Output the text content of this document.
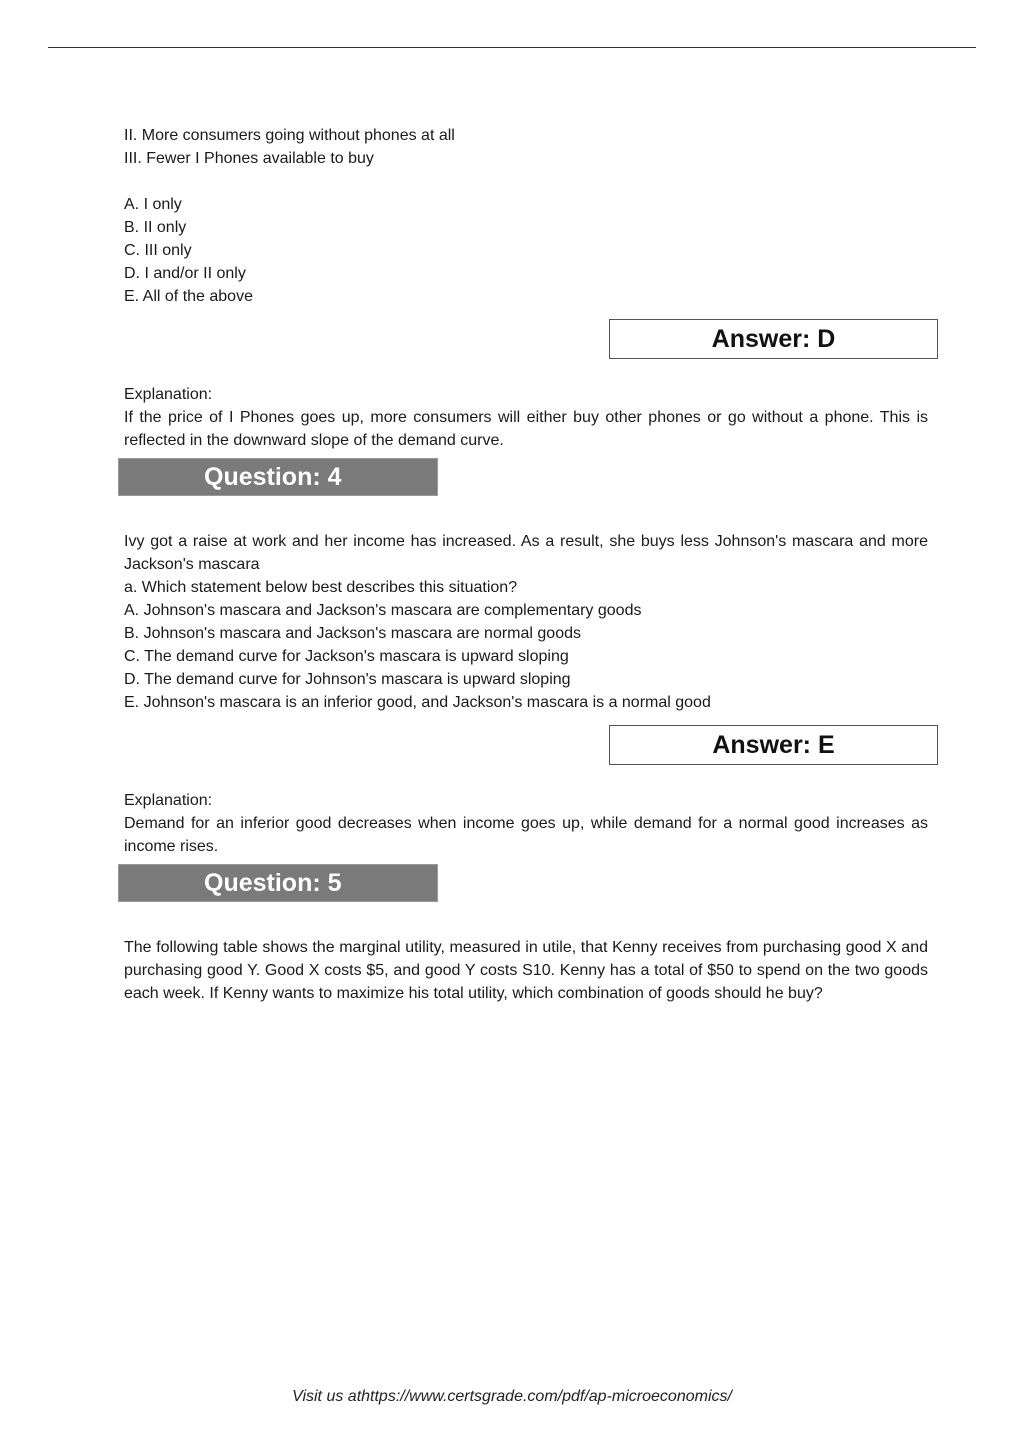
II. More consumers going without phones at all

III. Fewer I Phones available to buy

A. I only

B. II only

C. III only

D. I and/or II only

E. All of the above

Answer: D

Explanation:

If the price of I Phones goes up, more consumers will either buy other phones or go without a phone. This is reflected in the downward slope of the demand curve.

Question: 4

Ivy got a raise at work and her income has increased. As a result, she buys less Johnson's mascara and more Jackson's mascara

a. Which statement below best describes this situation?

A. Johnson's mascara and Jackson's mascara are complementary goods

B. Johnson's mascara and Jackson's mascara are normal goods

C. The demand curve for Jackson's mascara is upward sloping

D. The demand curve for Johnson's mascara is upward sloping

E. Johnson's mascara is an inferior good, and Jackson's mascara is a normal good

Answer: E

Explanation:

Demand for an inferior good decreases when income goes up, while demand for a normal good increases as income rises.

Question: 5

The following table shows the marginal utility, measured in utile, that Kenny receives from purchasing good X and purchasing good Y. Good X costs $5, and good Y costs S10. Kenny has a total of $50 to spend on the two goods each week. If Kenny wants to maximize his total utility, which combination of goods should he buy?

Visit us athttps://www.certsgrade.com/pdf/ap-microeconomics/
